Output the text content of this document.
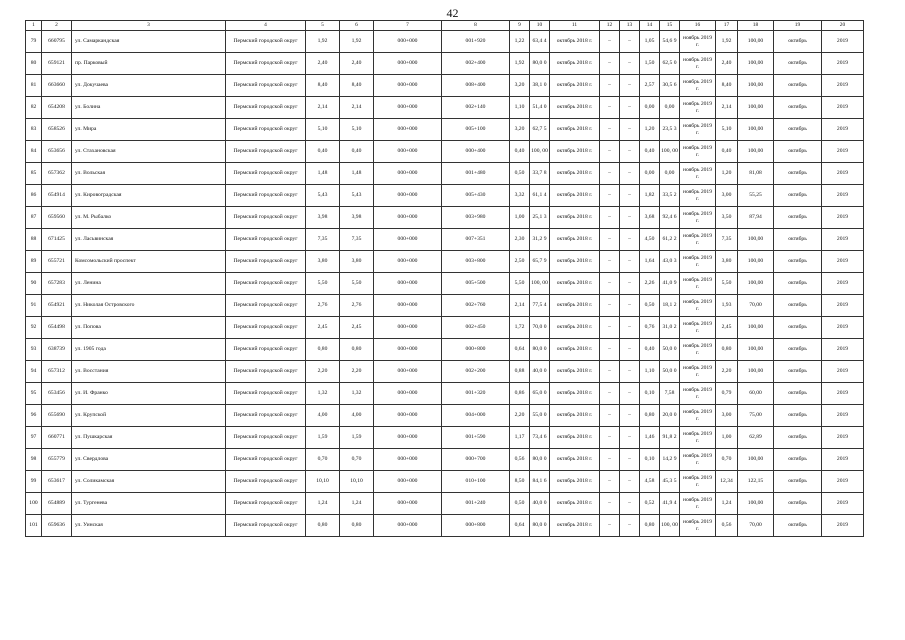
42
1	2	3	4	5	6	7	8	9	10	11	12	13	14	15	16	17	18	19	20
79	660795	ул. Самаркандская	Пермский городской округ	1,92	1,92	000+000	001+920	1,22	63,4 4	октябрь 2018 г.	–	–	1,05	54,6 9	ноябрь 2019 г.	1,92	100,00	октябрь	2019
80	659121	пр. Парковый	Пермский городской округ	2,40	2,40	000+000	002+400	1,92	80,0 0	октябрь 2018 г.	–	–	1,50	62,5 0	ноябрь 2019 г.	2,40	100,00	октябрь	2019
81	663660	ул. Докучаева	Пермский городской округ	8,40	8,40	000+000	008+400	3,20	38,1 0	октябрь 2018 г.	–	–	2,57	30,5 6	ноябрь 2019 г.	8,40	100,00	октябрь	2019
82	654208	ул. Болина	Пермский городской округ	2,14	2,14	000+000	002+140	1,10	51,4 0	октябрь 2018 г.	–	–	0,00	0,00	ноябрь 2019 г.	2,14	100,00	октябрь	2019
83	658526	ул. Мира	Пермский городской округ	5,10	5,10	000+000	005+100	3,20	62,7 5	октябрь 2018 г.	–	–	1,20	23,5 3	ноябрь 2019 г.	5,10	100,00	октябрь	2019
84	653656	ул. Стахановская	Пермский городской округ	0,40	0,40	000+000	000+400	0,40	100, 00	октябрь 2018 г.	–	–	0,40	100, 00	ноябрь 2019 г.	0,40	100,00	октябрь	2019
85	657362	ул. Вольская	Пермский городской округ	1,48	1,48	000+000	001+480	0,50	33,7 8	октябрь 2018 г.	–	–	0,00	0,00	ноябрь 2019 г.	1,20	81,08	октябрь	2019
86	654914	ул. Кировоградская	Пермский городской округ	5,43	5,43	000+000	005+430	3,32	61,1 4	октябрь 2018 г.	–	–	1,82	33,5 2	ноябрь 2019 г.	3,00	55,25	октябрь	2019
87	659560	ул. М. Рыбалко	Пермский городской округ	3,98	3,98	000+000	003+980	1,00	25,1 3	октябрь 2018 г.	–	–	3,68	92,4 6	ноябрь 2019 г.	3,50	87,94	октябрь	2019
88	671425	ул. Ласьвинская	Пермский городской округ	7,35	7,35	000+000	007+351	2,30	31,2 9	октябрь 2018 г.	–	–	4,50	61,2 2	ноябрь 2019 г.	7,35	100,00	октябрь	2019
89	655721	Комсомольский проспект	Пермский городской округ	3,80	3,80	000+000	003+800	2,50	65,7 9	октябрь 2018 г.	–	–	1,64	43,0 3	ноябрь 2019 г.	3,80	100,00	октябрь	2019
90	657283	ул. Ленина	Пермский городской округ	5,50	5,50	000+000	005+500	5,50	100, 00	октябрь 2018 г.	–	–	2,26	41,0 9	ноябрь 2019 г.	5,50	100,00	октябрь	2019
91	654921	ул. Николая Островского	Пермский городской округ	2,76	2,76	000+000	002+760	2,14	77,5 4	октябрь 2018 г.	–	–	0,50	18,1 2	ноябрь 2019 г.	1,93	70,00	октябрь	2019
92	654498	ул. Попова	Пермский городской округ	2,45	2,45	000+000	002+450	1,72	70,0 0	октябрь 2018 г.	–	–	0,76	31,0 2	ноябрь 2019 г.	2,45	100,00	октябрь	2019
93	638739	ул. 1905 года	Пермский городской округ	0,80	0,80	000+000	000+800	0,64	80,0 0	октябрь 2018 г.	–	–	0,40	50,0 0	ноябрь 2019 г.	0,80	100,00	октябрь	2019
94	657312	ул. Восстания	Пермский городской округ	2,20	2,20	000+000	002+200	0,88	40,0 0	октябрь 2018 г.	–	–	1,10	50,0 0	ноябрь 2019 г.	2,20	100,00	октябрь	2019
95	653456	ул. И. Франко	Пермский городской округ	1,32	1,32	000+000	001+320	0,86	65,0 0	октябрь 2018 г.	–	–	0,10	7,58	ноябрь 2019 г.	0,79	60,00	октябрь	2019
96	655690	ул. Крупской	Пермский городской округ	4,00	4,00	000+000	004+000	2,20	55,0 0	октябрь 2018 г.	–	–	0,80	20,0 0	ноябрь 2019 г.	3,00	75,00	октябрь	2019
97	660771	ул. Пушкарская	Пермский городской округ	1,59	1,59	000+000	001+590	1,17	73,4 6	октябрь 2018 г.	–	–	1,46	91,8 2	ноябрь 2019 г.	1,00	62,89	октябрь	2019
98	655779	ул. Свердлова	Пермский городской округ	0,70	0,70	000+000	000+700	0,56	80,0 0	октябрь 2018 г.	–	–	0,10	14,2 9	ноябрь 2019 г.	0,70	100,00	октябрь	2019
99	653617	ул. Соликамская	Пермский городской округ	10,10	10,10	000+000	010+100	8,50	84,1 6	октябрь 2018 г.	–	–	4,58	45,3 5	ноябрь 2019 г.	12,34	122,15	октябрь	2019
100	654889	ул. Тургенева	Пермский городской округ	1,24	1,24	000+000	001+240	0,50	40,0 0	октябрь 2018 г.	–	–	0,52	41,9 4	ноябрь 2019 г.	1,24	100,00	октябрь	2019
101	659636	ул. Уинская	Пермский городской округ	0,80	0,80	000+000	000+800	0,64	80,0 0	октябрь 2018 г.	–	–	0,80	100, 00	ноябрь 2019 г.	0,56	70,00	октябрь	2019
